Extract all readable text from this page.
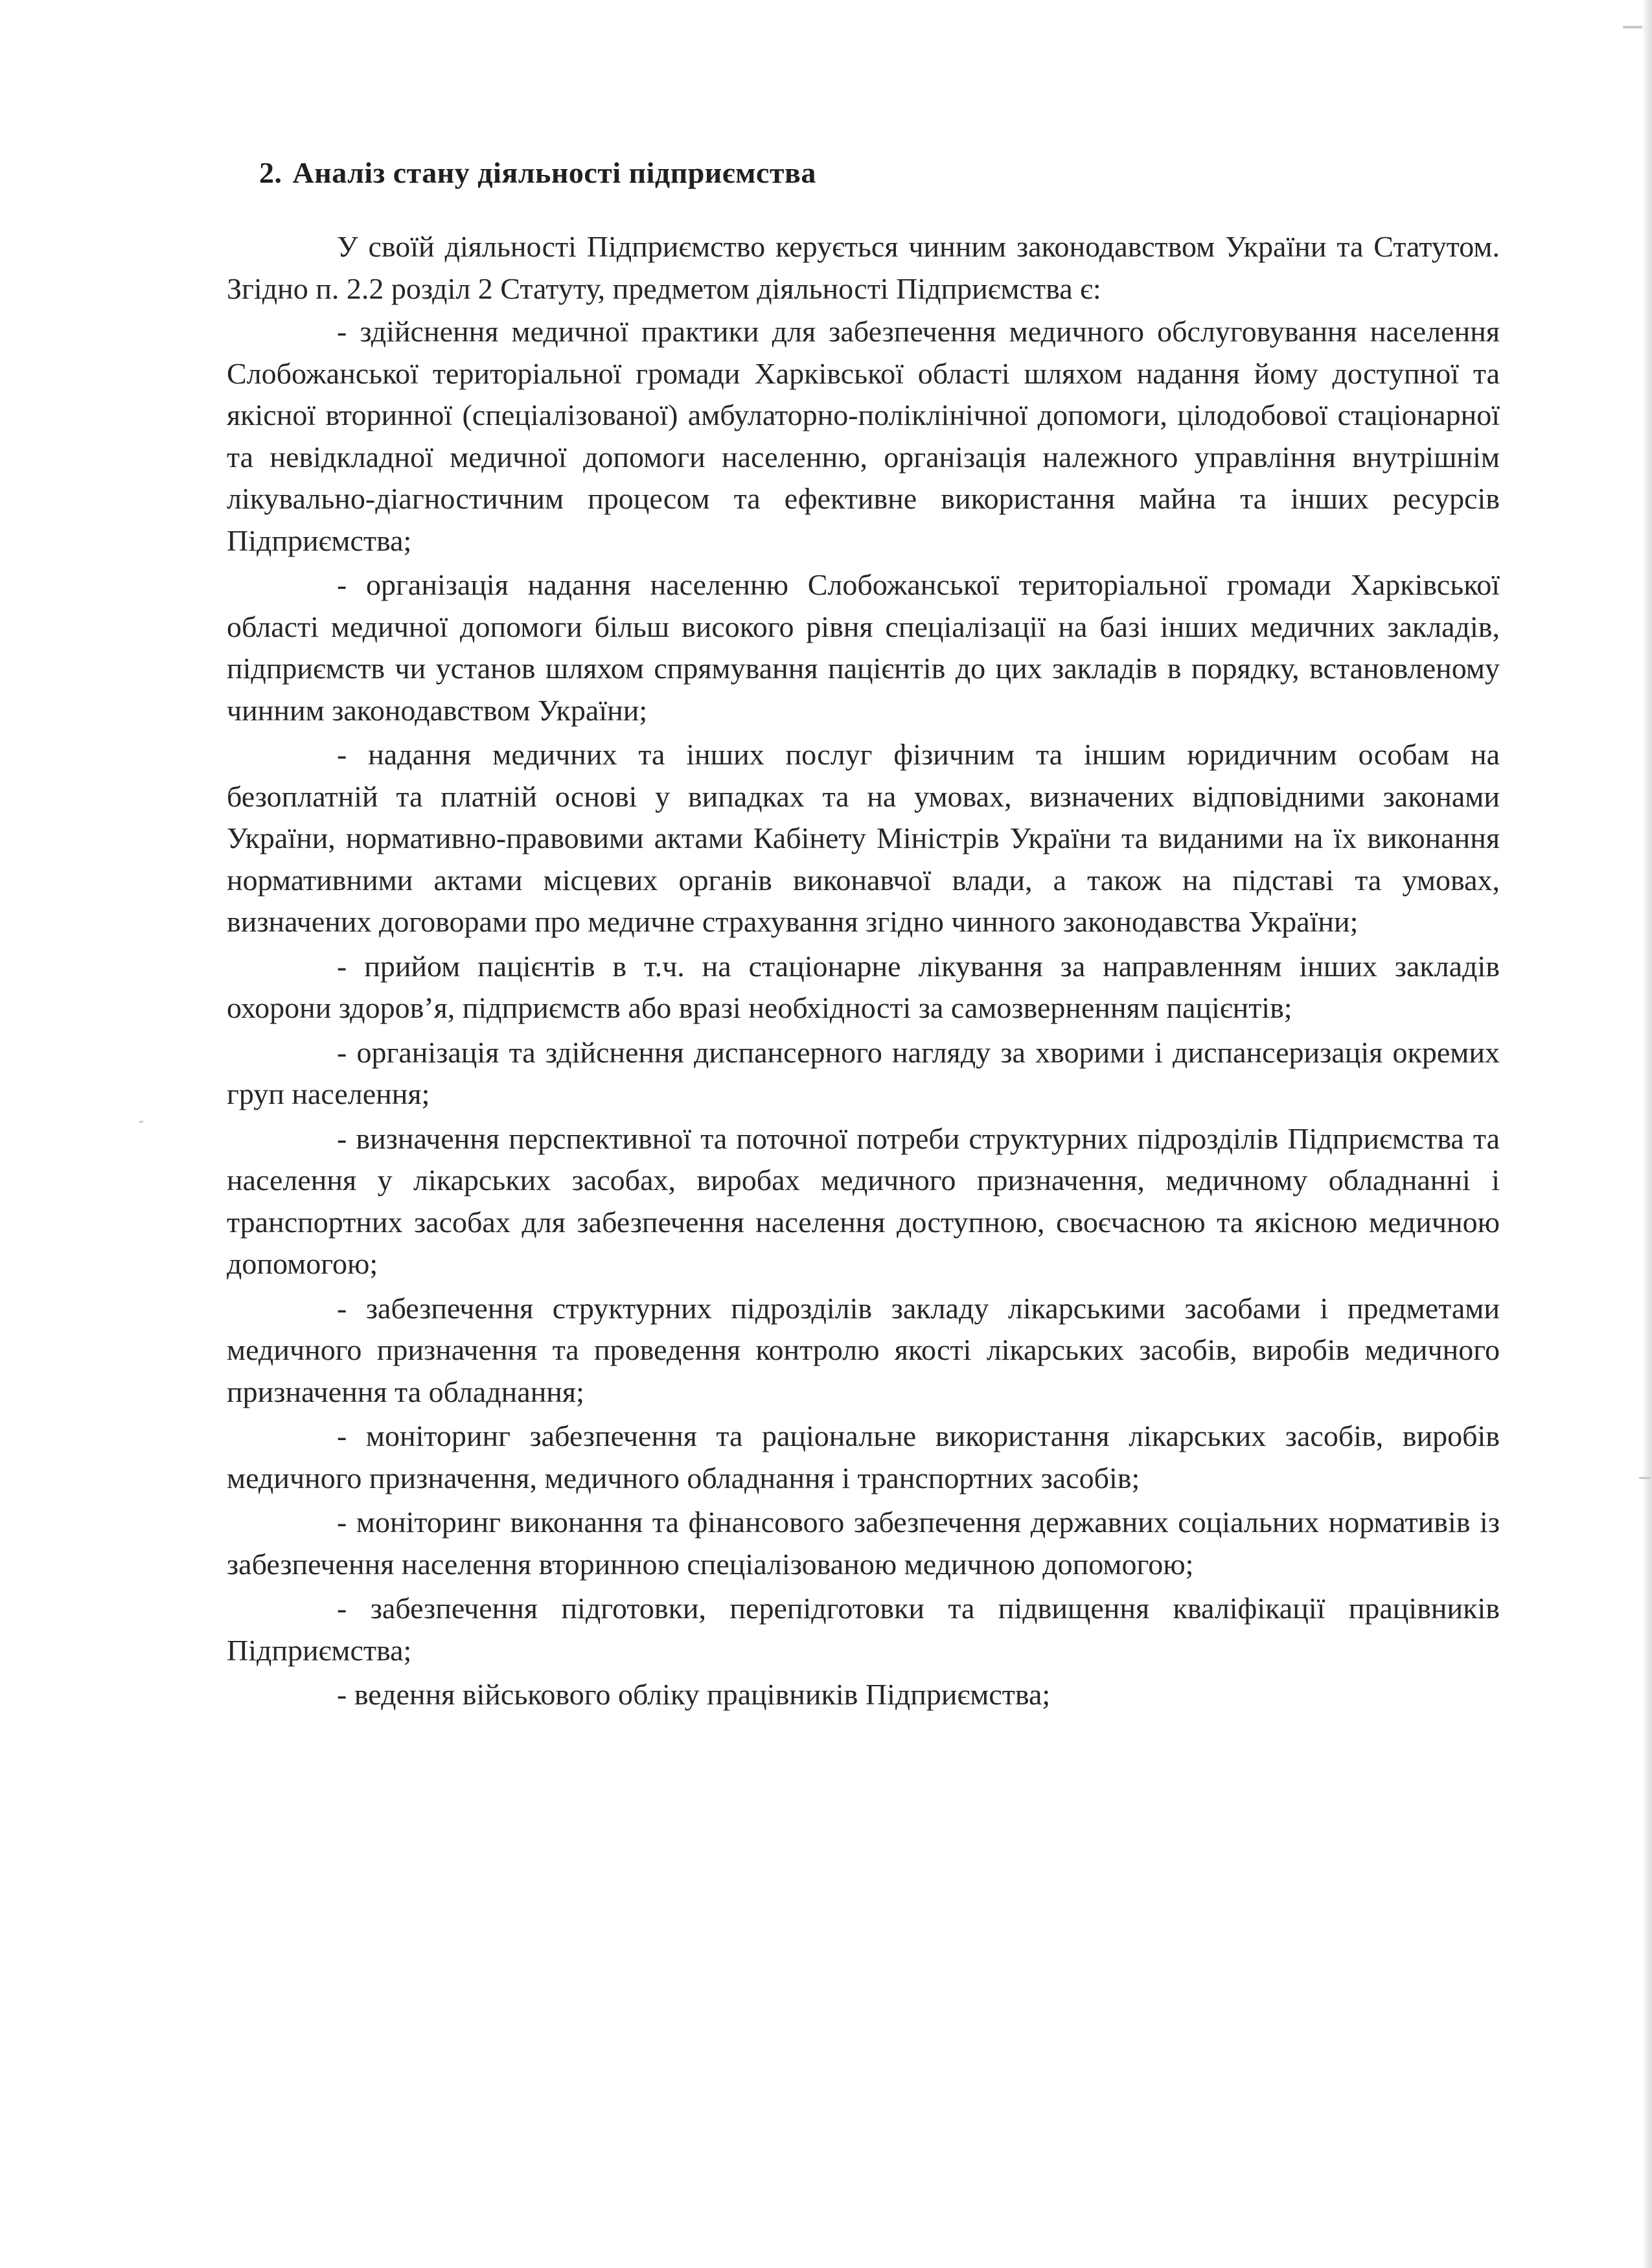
2. Аналіз стану діяльності підприємства

У своїй діяльності Підприємство керується чинним законодавством України та Статутом. Згідно п. 2.2 розділ 2 Статуту, предметом діяльності Підприємства є:

- здійснення медичної практики для забезпечення медичного обслуговування населення Слобожанської територіальної громади Харківської області шляхом надання йому доступної та якісної вторинної (спеціалізованої) амбулаторно-поліклінічної допомоги, цілодобової стаціонарної та невідкладної медичної допомоги населенню, організація належного управління внутрішнім лікувально-діагностичним процесом та ефективне використання майна та інших ресурсів Підприємства;

- організація надання населенню Слобожанської територіальної громади Харківської області медичної допомоги більш високого рівня спеціалізації на базі інших медичних закладів, підприємств чи установ шляхом спрямування пацієнтів до цих закладів в порядку, встановленому чинним законодавством України;

- надання медичних та інших послуг фізичним та іншим юридичним особам на безоплатній та платній основі у випадках та на умовах, визначених відповідними законами України, нормативно-правовими актами Кабінету Міністрів України та виданими на їх виконання нормативними актами місцевих органів виконавчої влади, а також на підставі та умовах, визначених договорами про медичне страхування згідно чинного законодавства України;

- прийом пацієнтів в т.ч. на стаціонарне лікування за направленням інших закладів охорони здоров’я, підприємств або вразі необхідності за самозверненням пацієнтів;

- організація та здійснення диспансерного нагляду за хворими і диспансеризація окремих груп населення;

- визначення перспективної та поточної потреби структурних підрозділів Підприємства та населення у лікарських засобах, виробах медичного призначення, медичному обладнанні і транспортних засобах для забезпечення населення доступною, своєчасною та якісною медичною допомогою;

- забезпечення структурних підрозділів закладу лікарськими засобами і предметами медичного призначення та проведення контролю якості лікарських засобів, виробів медичного призначення та обладнання;

- моніторинг забезпечення та раціональне використання лікарських засобів, виробів медичного призначення, медичного обладнання і транспортних засобів;

- моніторинг виконання та фінансового забезпечення державних соціальних нормативів із забезпечення населення вторинною спеціалізованою медичною допомогою;

- забезпечення підготовки, перепідготовки та підвищення кваліфікації працівників Підприємства;

- ведення військового обліку працівників Підприємства;
